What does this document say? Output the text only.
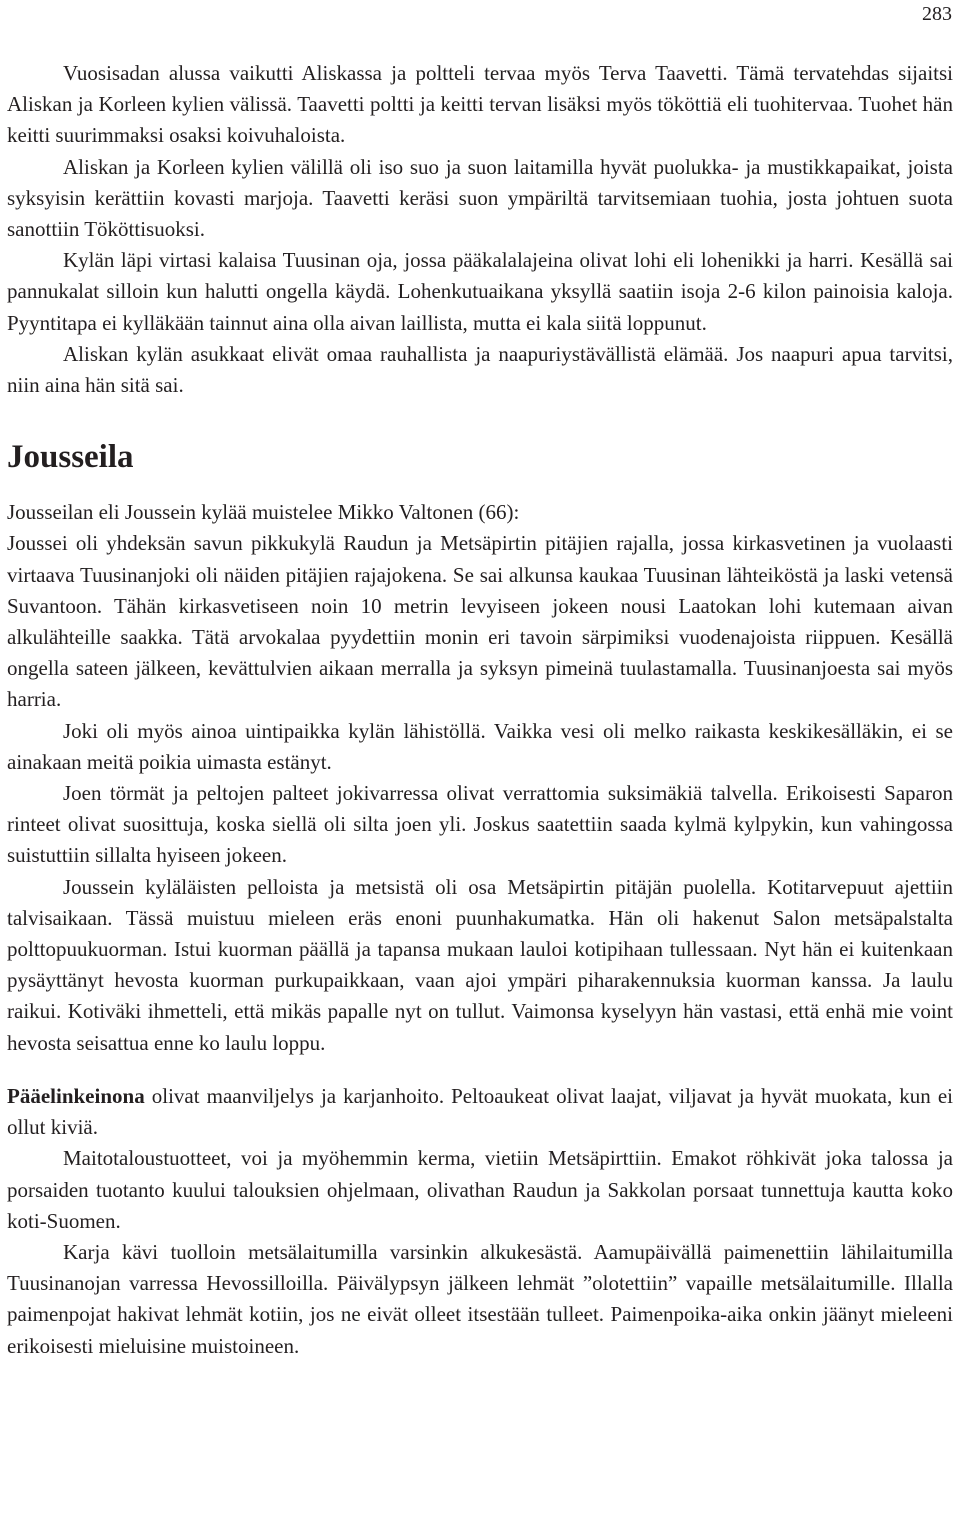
283

Vuosisadan alussa vaikutti Aliskassa ja poltteli tervaa myös Terva Taavetti. Tämä tervatehdas sijaitsi Aliskan ja Korleen kylien välissä. Taavetti poltti ja keitti tervan lisäksi myös tököttiä eli tuohitervaa. Tuohet hän keitti suurimmaksi osaksi koivuhaloista.

Aliskan ja Korleen kylien välillä oli iso suo ja suon laitamilla hyvät puolukka- ja mustikkapaikat, joista syksyisin kerättiin kovasti marjoja. Taavetti keräsi suon ympäriltä tarvitsemiaan tuohia, josta johtuen suota sanottiin Tököttisuoksi.

Kylän läpi virtasi kalaisa Tuusinan oja, jossa pääkalalajeina olivat lohi eli lohenikki ja harri. Kesällä sai pannukalat silloin kun halutti ongella käydä. Lohenkutuaikana yksyllä saatiin isoja 2-6 kilon painoisia kaloja. Pyyntitapa ei kylläkään tainnut aina olla aivan laillista, mutta ei kala siitä loppunut.

Aliskan kylän asukkaat elivät omaa rauhallista ja naapuriystävällistä elämää. Jos naapuri apua tarvitsi, niin aina hän sitä sai.

Jousseila

Jousseilan eli Joussein kylää muistelee Mikko Valtonen (66):

Joussei oli yhdeksän savun pikkukylä Raudun ja Metsäpirtin pitäjien rajalla, jossa kirkasvetinen ja vuolaasti virtaava Tuusinanjoki oli näiden pitäjien rajajokena. Se sai alkunsa kaukaa Tuusinan lähteiköstä ja laski vetensä Suvantoon. Tähän kirkasvetiseen noin 10 metrin levyiseen jokeen nousi Laatokan lohi kutemaan aivan alkulähteille saakka. Tätä arvokalaa pyydettiin monin eri tavoin särpimiksi vuodenajoista riippuen. Kesällä ongella sateen jälkeen, kevättulvien aikaan merralla ja syksyn pimeinä tuulastamalla. Tuusinanjoesta sai myös harria.

Joki oli myös ainoa uintipaikka kylän lähistöllä. Vaikka vesi oli melko raikasta keskikesälläkin, ei se ainakaan meitä poikia uimasta estänyt.

Joen törmät ja peltojen palteet jokivarressa olivat verrattomia suksimäkiä talvella. Erikoisesti Saparon rinteet olivat suosittuja, koska siellä oli silta joen yli. Joskus saatettiin saada kylmä kylpykin, kun vahingossa suistuttiin sillalta hyiseen jokeen.

Joussein kyläläisten pelloista ja metsistä oli osa Metsäpirtin pitäjän puolella. Kotitarvepuut ajettiin talvisaikaan. Tässä muistuu mieleen eräs enoni puunhakumatka. Hän oli hakenut Salon metsäpalstalta polttopuukuorman. Istui kuorman päällä ja tapansa mukaan lauloi kotipihaan tullessaan. Nyt hän ei kuitenkaan pysäyttänyt hevosta kuorman purkupaikkaan, vaan ajoi ympäri piharakennuksia kuorman kanssa. Ja laulu raikui. Kotiväki ihmetteli, että mikäs papalle nyt on tullut. Vaimonsa kyselyyn hän vastasi, että enhä mie voint hevosta seisattua enne ko laulu loppu.

Pääelinkeinona olivat maanviljelys ja karjanhoito. Peltoaukeat olivat laajat, viljavat ja hyvät muokata, kun ei ollut kiviä.

Maitotaloustuotteet, voi ja myöhemmin kerma, vietiin Metsäpirttiin. Emakot röhkivät joka talossa ja porsaiden tuotanto kuului talouksien ohjelmaan, olivathan Raudun ja Sakkolan porsaat tunnettuja kautta koko koti-Suomen.

Karja kävi tuolloin metsälaitumilla varsinkin alkukesästä. Aamupäivällä paimenettiin lähilaitumilla Tuusinanojan varressa Hevossilloilla. Päivälypsyn jälkeen lehmät ”olotettiin” vapaille metsälaitumille. Illalla paimenpojat hakivat lehmät kotiin, jos ne eivät olleet itsestään tulleet. Paimenpoika-aika onkin jäänyt mieleeni erikoisesti mieluisine muistoineen.
